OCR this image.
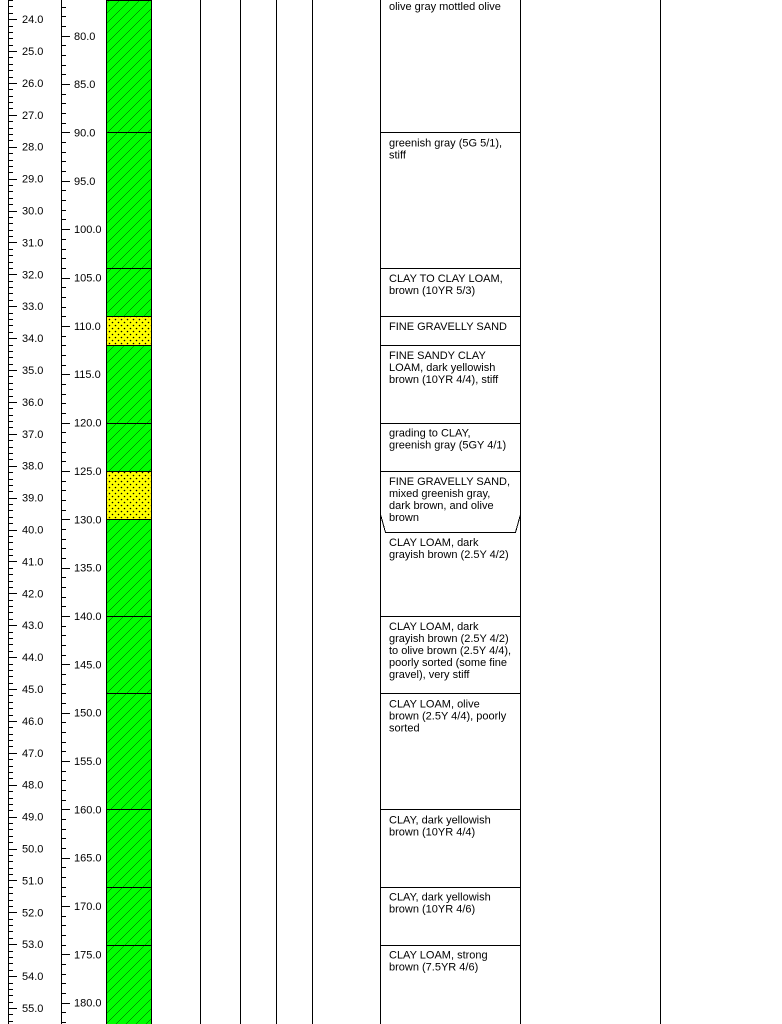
24.0
25.0
26.0
27.0
28.0
29.0
30.0
31.0
32.0
33.0
34.0
35.0
36.0
37.0
38.0
39.0
40.0
41.0
42.0
43.0
44.0
45.0
46.0
47.0
48.0
49.0
50.0
51.0
52.0
53.0
54.0
55.0
80.0
85.0
90.0
95.0
100.0
105.0
110.0
115.0
120.0
125.0
130.0
135.0
140.0
145.0
150.0
155.0
160.0
165.0
170.0
175.0
180.0
olive gray mottled olive
greenish gray (5G 5/1), stiff
CLAY TO CLAY LOAM, brown (10YR 5/3)
FINE GRAVELLY SAND
FINE SANDY CLAY LOAM, dark yellowish brown (10YR 4/4), stiff
grading to CLAY, greenish gray (5GY 4/1)
FINE GRAVELLY SAND, mixed greenish gray, dark brown, and olive brown
CLAY LOAM, dark grayish brown (2.5Y 4/2)
CLAY LOAM, dark grayish brown (2.5Y 4/2) to olive brown (2.5Y 4/4), poorly sorted (some fine gravel), very stiff
CLAY LOAM, olive brown (2.5Y 4/4), poorly sorted
CLAY, dark yellowish brown (10YR 4/4)
CLAY, dark yellowish brown (10YR 4/6)
CLAY LOAM, strong brown (7.5YR 4/6)
